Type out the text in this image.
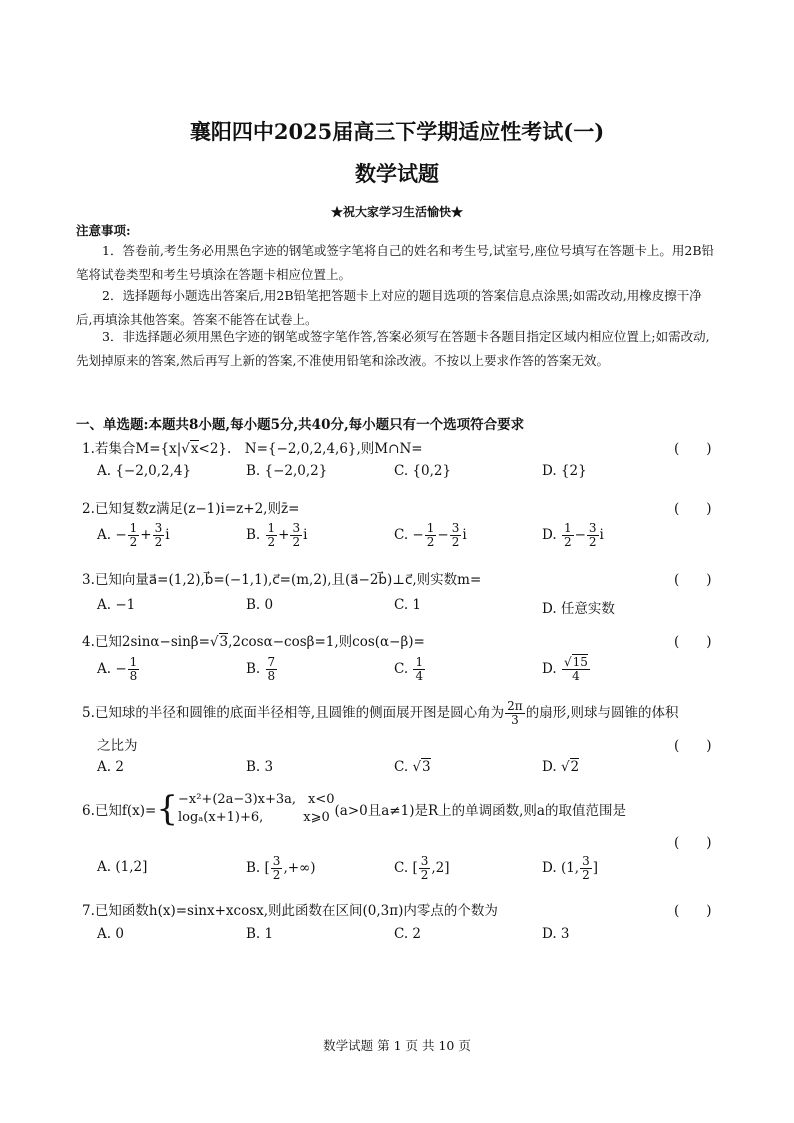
襄阳四中2025届高三下学期适应性考试(一)
数学试题
★祝大家学习生活愉快★
注意事项:
1．答卷前,考生务必用黑色字迹的钢笔或签字笔将自己的姓名和考生号,试室号,座位号填写在答题卡上。用2B铅笔将试卷类型和考生号填涂在答题卡相应位置上。
2．选择题每小题选出答案后,用2B铅笔把答题卡上对应的题目选项的答案信息点涂黑;如需改动,用橡皮擦干净后,再填涂其他答案。答案不能答在试卷上。
3．非选择题必须用黑色字迹的钢笔或签字笔作答,答案必须写在答题卡各题目指定区域内相应位置上;如需改动,先划掉原来的答案,然后再写上新的答案,不准使用铅笔和涂改液。不按以上要求作答的答案无效。
一、单选题:本题共8小题,每小题5分,共40分,每小题只有一个选项符合要求
1.若集合M={x|√x<2}.　N={−2,0,2,4,6},则M∩N=	(　　)
A. {−2,0,2,4}	B. {−2,0,2}	C. {0,2}	D. {2}
2.已知复数z满足(z−1)i=z+2,则z̄=	(　　)
A. − $\frac{1}{2} + \frac{3}{2}$ i	B. $\frac{1}{2} + \frac{3}{2}$ i	C. − $\frac{1}{2} - \frac{3}{2}$ i	D. $\frac{1}{2} - \frac{3}{2}$ i
3.已知向量a⃗=(1,2),b⃗=(−1,1),c⃗=(m,2),且(a⃗−2b⃗)⊥c⃗,则实数m=	(　　)
A. −1	B. 0	C. 1	D. 任意实数
4.已知2sinα−sinβ=√3,2cosα−cosβ=1,则cos(α−β)=	(　　)
A. − $\frac{1}{8}$	B. $\frac{7}{8}$	C. $\frac{1}{4}$	D. $\frac{√15}{4}$
5.已知球的半径和圆锥的底面半径相等,且圆锥的侧面展开图是圆心角为 $\frac{2\pi}{3}$ 的扇形,则球与圆锥的体积
之比为	(　　)
A. 2	B. 3	C. √3	D. √2
6.已知f(x)={−x²+(2a−3)x+3a, x<0
logₐ(x+1)+6,	x⩾0 (a>0且a≠1)是R上的单调函数,则a的取值范围是
(　　)
A. (1,2]	B. [ $\frac{3}{2}$ ,+∞)	C. [ $\frac{3}{2} ,2$]	D. (1, $\frac{3}{2}$ ]
7.已知函数h(x)=sinx+xcosx,则此函数在区间(0,3π)内零点的个数为	(　　)
A. 0	B. 1	C. 2	D. 3
数学试题 第 1 页 共 10 页
